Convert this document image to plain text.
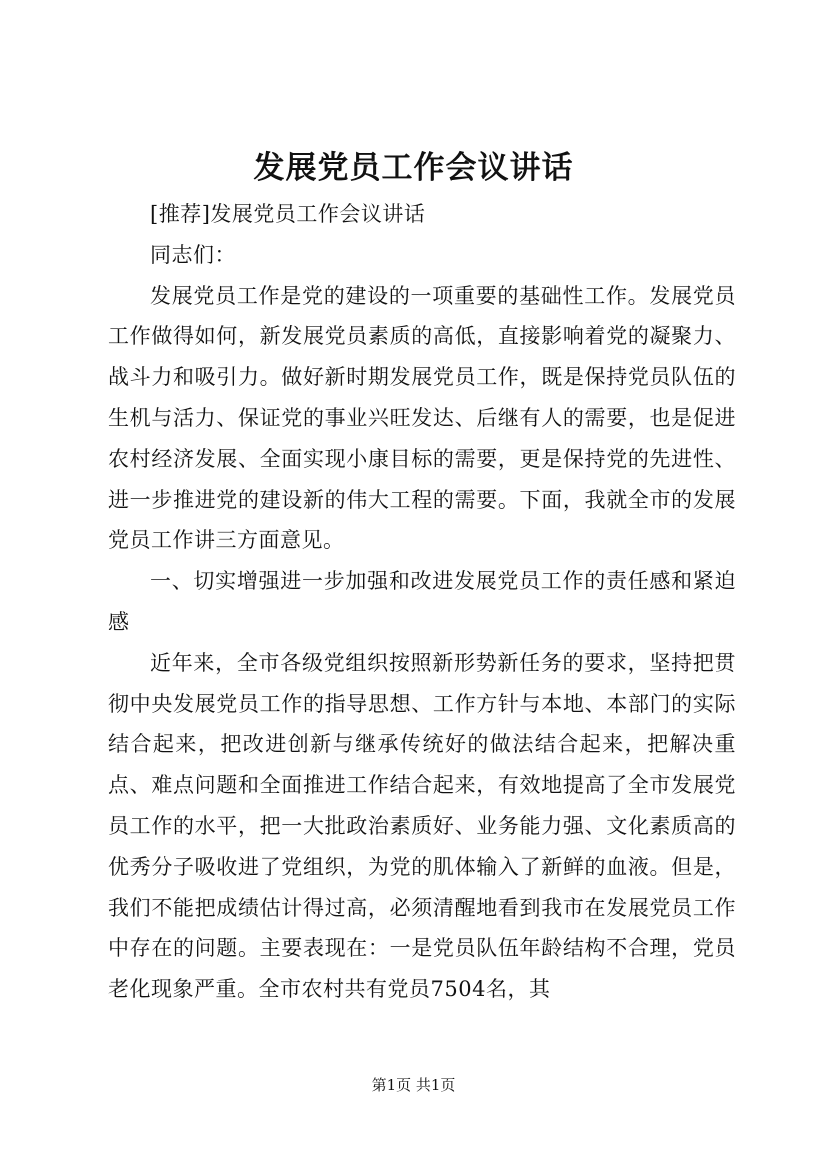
发展党员工作会议讲话

[推荐]发展党员工作会议讲话

同志们：

发展党员工作是党的建设的一项重要的基础性工作。发展党员工作做得如何，新发展党员素质的高低，直接影响着党的凝聚力、战斗力和吸引力。做好新时期发展党员工作，既是保持党员队伍的生机与活力、保证党的事业兴旺发达、后继有人的需要，也是促进农村经济发展、全面实现小康目标的需要，更是保持党的先进性、进一步推进党的建设新的伟大工程的需要。下面，我就全市的发展党员工作讲三方面意见。

一、切实增强进一步加强和改进发展党员工作的责任感和紧迫感

近年来，全市各级党组织按照新形势新任务的要求，坚持把贯彻中央发展党员工作的指导思想、工作方针与本地、本部门的实际结合起来，把改进创新与继承传统好的做法结合起来，把解决重点、难点问题和全面推进工作结合起来，有效地提高了全市发展党员工作的水平，把一大批政治素质好、业务能力强、文化素质高的优秀分子吸收进了党组织，为党的肌体输入了新鲜的血液。但是，我们不能把成绩估计得过高，必须清醒地看到我市在发展党员工作中存在的问题。主要表现在：一是党员队伍年龄结构不合理，党员老化现象严重。全市农村共有党员7504名，其

第1页 共1页
